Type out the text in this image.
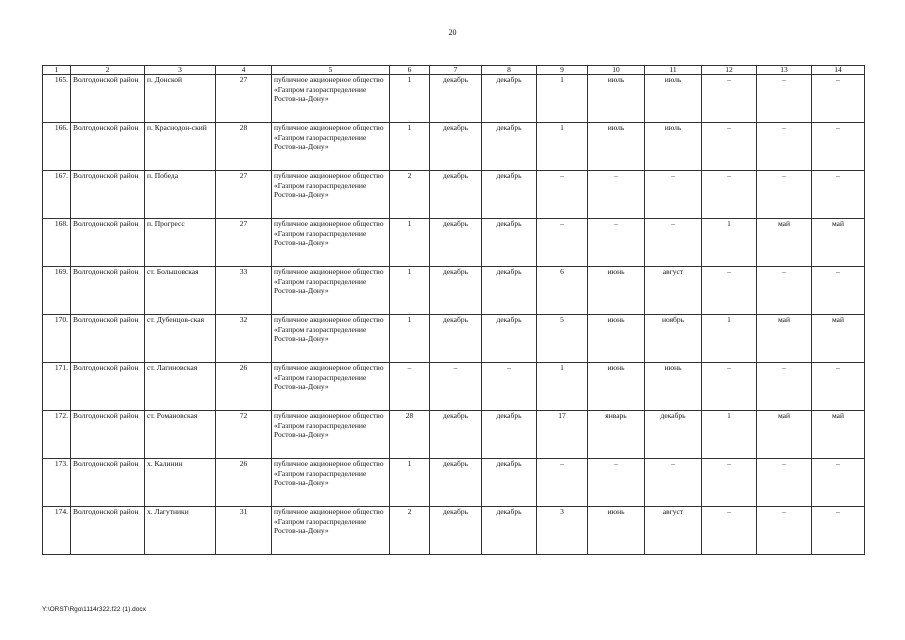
20
1	2	3	4	5	6	7	8	9	10	11	12	13	14
165.	Волгодонской район	п. Донской	27	публичное акционерное общество «Газпром газораспределение Ростов-на-Дону»	1	декабрь	декабрь	1	июль	июль	–	–	–
166.	Волгодонской район	п. Краснодон-ский	28	публичное акционерное общество «Газпром газораспределение Ростов-на-Дону»	1	декабрь	декабрь	1	июль	июль	–	–	–
167.	Волгодонской район	п. Победа	27	публичное акционерное общество «Газпром газораспределение Ростов-на-Дону»	2	декабрь	декабрь	–	–	–	–	–	–
168.	Волгодонской район	п. Прогресс	27	публичное акционерное общество «Газпром газораспределение Ростов-на-Дону»	1	декабрь	декабрь	–	–	–	1	май	май
169.	Волгодонской район	ст. Большовская	33	публичное акционерное общество «Газпром газораспределение Ростов-на-Дону»	1	декабрь	декабрь	6	июнь	август	–	–	–
170.	Волгодонской район	ст. Дубенцов-ская	32	публичное акционерное общество «Газпром газораспределение Ростов-на-Дону»	1	декабрь	декабрь	5	июнь	ноябрь	1	май	май
171.	Волгодонской район	ст. Лагиновская	26	публичное акционерное общество «Газпром газораспределение Ростов-на-Дону»	–	–	–	1	июнь	июнь	–	–	–
172.	Волгодонской район	ст. Романовская	72	публичное акционерное общество «Газпром газораспределение Ростов-на-Дону»	28	декабрь	декабрь	17	январь	декабрь	1	май	май
173.	Волгодонской район	х. Калинин	26	публичное акционерное общество «Газпром газораспределение Ростов-на-Дону»	1	декабрь	декабрь	–	–	–	–	–	–
174.	Волгодонской район	х. Лагутники	31	публичное акционерное общество «Газпром газораспределение Ростов-на-Дону»	2	декабрь	декабрь	3	июнь	август	–	–	–
Y:\ORST\Rgo\1114r322.f22 (1).docx
